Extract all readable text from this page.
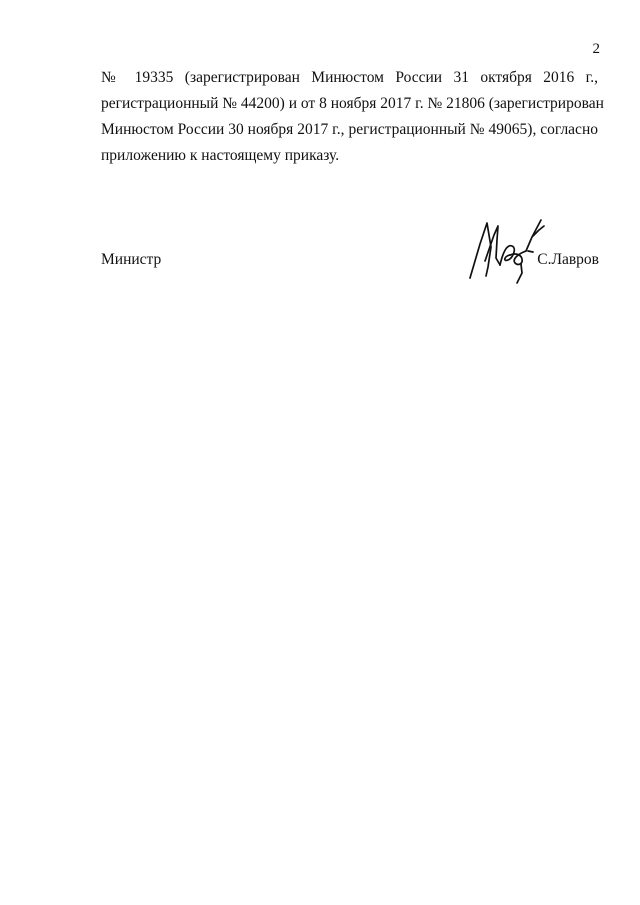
2
№ 19335 (зарегистрирован Минюстом России 31 октября 2016 г.,
регистрационный № 44200) и от 8 ноября 2017 г. № 21806 (зарегистрирован
Минюстом России 30 ноября 2017 г., регистрационный № 49065), согласно
приложению к настоящему приказу.
Министр	С.Лавров
